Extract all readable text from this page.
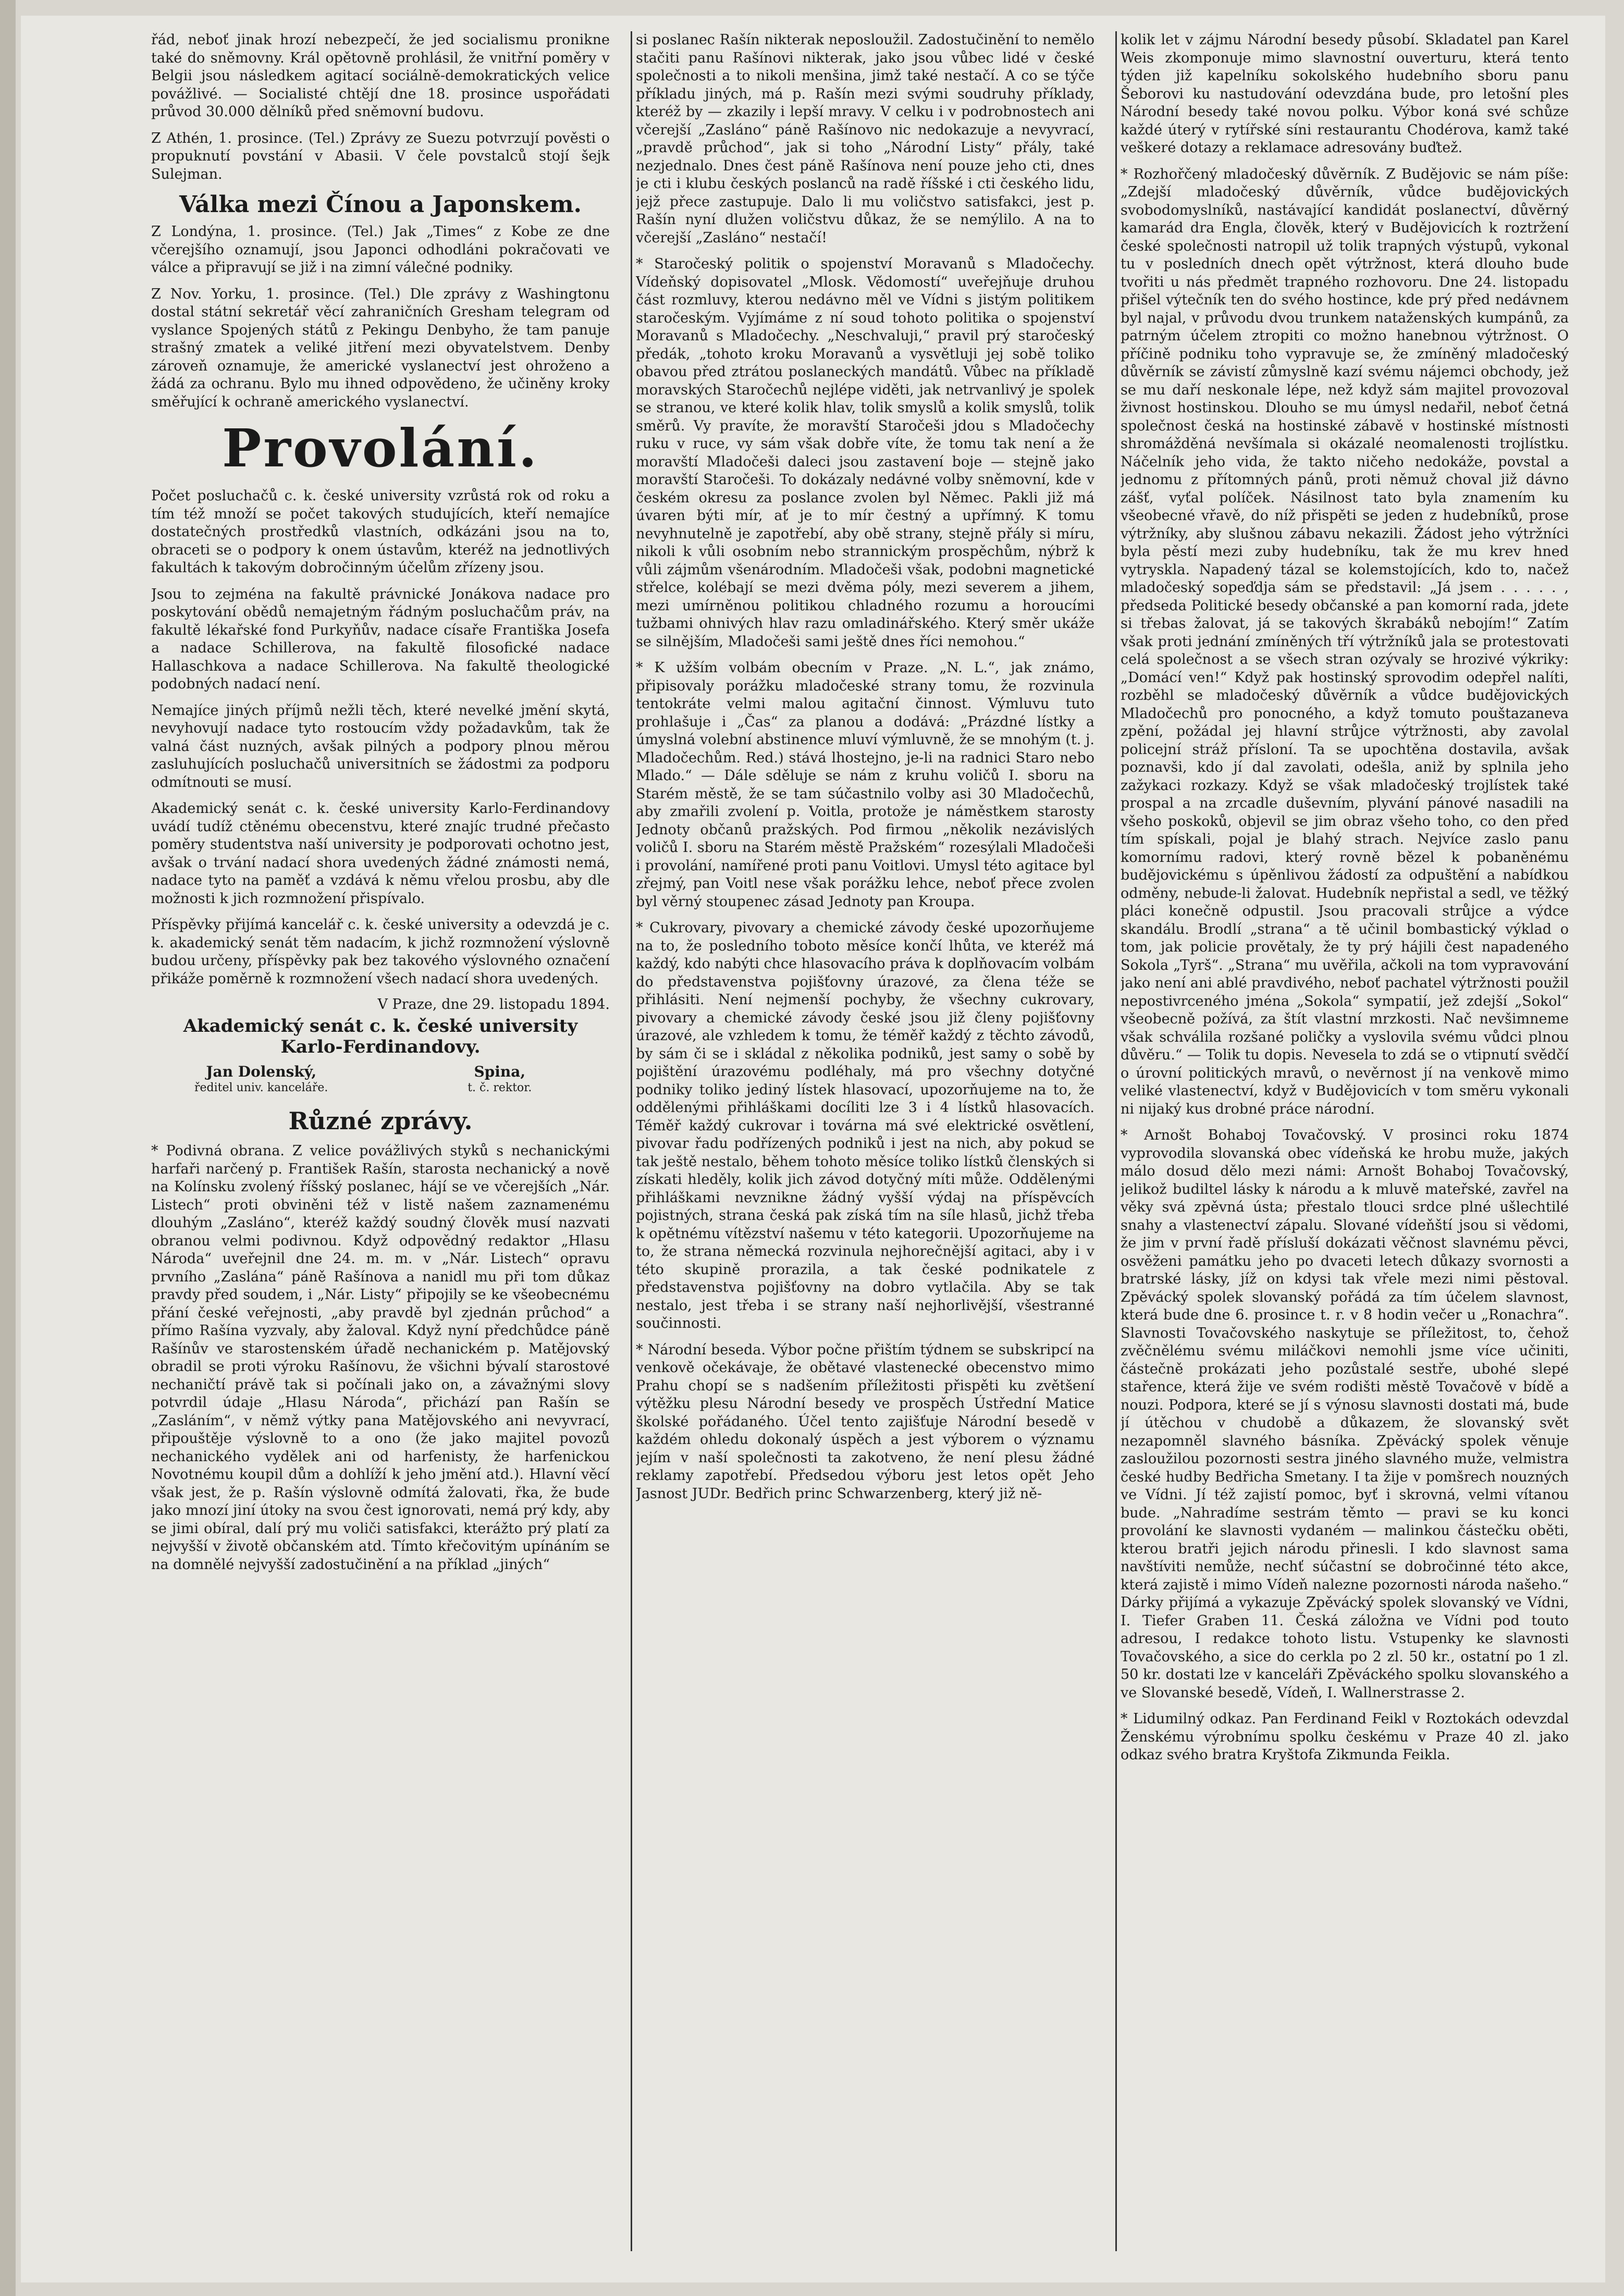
řád, neboť jinak hrozí nebezpečí, že jed socialismu pronikne také do sněmovny. Král opětovně prohlásil, že vnitřní poměry v Belgii jsou následkem agitací sociálně-demokratických velice povážlivé. — Socialisté chtějí dne 18. prosince uspořádati průvod 30.000 dělníků před sněmovní budovu.

Z Athén, 1. prosince. (Tel.) Zprávy ze Suezu potvrzují pověsti o propuknutí povstání v Abasii. V čele povstalců stojí šejk Sulejman.

Válka mezi Čínou a Japonskem.

Z Londýna, 1. prosince. (Tel.) Jak „Times“ z Kobe ze dne včerejšího oznamují, jsou Japonci odhodláni pokračovati ve válce a připravují se již i na zimní válečné podniky.

Z Nov. Yorku, 1. prosince. (Tel.) Dle zprávy z Washingtonu dostal státní sekretář věcí zahraničních Gresham telegram od vyslance Spojených států z Pekingu Denbyho, že tam panuje strašný zmatek a veliké jitření mezi obyvatelstvem. Denby zároveň oznamuje, že americké vyslanectví jest ohroženo a žádá za ochranu. Bylo mu ihned odpovědeno, že učiněny kroky směřující k ochraně amerického vyslanectví.

Provolání.

Počet posluchačů c. k. české university vzrůstá rok od roku a tím též množí se počet takových studujících, kteří nemajíce dostatečných prostředků vlastních, odkázáni jsou na to, obraceti se o podpory k onem ústavům, kteréž na jednotlivých fakultách k takovým dobročinným účelům zřízeny jsou.

Jsou to zejména na fakultě právnické Jonákova nadace pro poskytování obědů nemajetným řádným posluchačům práv, na fakultě lékařské fond Purkyňův, nadace císaře Františka Josefa a nadace Schillerova, na fakultě filosofické nadace Hallaschkova a nadace Schillerova. Na fakultě theologické podobných nadací není.

Nemajíce jiných příjmů nežli těch, které nevelké jmění skytá, nevyhovují nadace tyto rostoucím vždy požadavkům, tak že valná část nuzných, avšak pilných a podpory plnou měrou zasluhujících posluchačů universitních se žádostmi za podporu odmítnouti se musí.

Akademický senát c. k. české university Karlo-Ferdinandovy uvádí tudíž ctěnému obecenstvu, které znajíc trudné přečasto poměry studentstva naší university je podporovati ochotno jest, avšak o trvání nadací shora uvedených žádné známosti nemá, nadace tyto na paměť a vzdává k němu vřelou prosbu, aby dle možnosti k jich rozmnožení přispívalo.

Příspěvky přijímá kancelář c. k. české university a odevzdá je c. k. akademický senát těm nadacím, k jichž rozmnožení výslovně budou určeny, příspěvky pak bez takového výslovného označení přikáže poměrně k rozmnožení všech nadací shora uvedených.

V Praze, dne 29. listopadu 1894.
Akademický senát c. k. české university Karlo-Ferdinandovy.
Jan Dolenský,
ředitel univ. kanceláře.
Spina,
t. č. rektor.
Různé zprávy.

* Podivná obrana. Z velice povážlivých styků s nechanickými harfaři narčený p. František Rašín, starosta nechanický a nově na Kolínsku zvolený říšský poslanec, hájí se ve včerejších „Nár. Listech“ proti obviněni též v listě našem zaznamenému dlouhým „Zasláno“, kteréž každý soudný člověk musí nazvati obranou velmi podivnou. Když odpovědný redaktor „Hlasu Národa“ uveřejnil dne 24. m. m. v „Nár. Listech“ opravu prvního „Zaslána“ páně Rašínova a nanidl mu při tom důkaz pravdy před soudem, i „Nár. Listy“ připojily se ke všeobecnému přání české veřejnosti, „aby pravdě byl zjednán průchod“ a přímo Rašína vyzvaly, aby žaloval. Když nyní předchůdce páně Rašínův ve starostenském úřadě nechanickém p. Matějovský obradil se proti výroku Rašínovu, že všichni bývalí starostové nechaničtí právě tak si počínali jako on, a závažnými slovy potvrdil údaje „Hlasu Národa“, přichází pan Rašín se „Zasláním“, v němž výtky pana Matějovského ani nevyvrací, připouštěje výslovně to a ono (že jako majitel povozů nechanického vydělek ani od harfenisty, že harfenickou Novotnému koupil dům a dohlíží k jeho jmění atd.). Hlavní věcí však jest, že p. Rašín výslovně odmítá žalovati, řka, že bude jako mnozí jiní útoky na svou čest ignorovati, nemá prý kdy, aby se jimi obíral, dalí prý mu voliči satisfakci, kterážto prý platí za nejvyšší v životě občanském atd. Tímto křečovitým upínáním se na domnělé nejvyšší zadostučinění a na příklad „jiných“

si poslanec Rašín nikterak neposloužil. Zadostučinění to nemělo stačiti panu Rašínovi nikterak, jako jsou vůbec lidé v české společnosti a to nikoli menšina, jimž také nestačí. A co se týče příkladu jiných, má p. Rašín mezi svými soudruhy příklady, kteréž by — zkazily i lepší mravy. V celku i v podrobnostech ani včerejší „Zasláno“ páně Rašínovo nic nedokazuje a nevyvrací, „pravdě průchod“, jak si toho „Národní Listy“ přály, také nezjednalo. Dnes čest páně Rašínova není pouze jeho cti, dnes je cti i klubu českých poslanců na radě říšské i cti českého lidu, jejž přece zastupuje. Dalo li mu voličstvo satisfakci, jest p. Rašín nyní dlužen voličstvu důkaz, že se nemýlilo. A na to včerejší „Zasláno“ nestačí!

* Staročeský politik o spojenství Moravanů s Mladočechy. Vídeňský dopisovatel „Mlosk. Vědomostí“ uveřejňuje druhou část rozmluvy, kterou nedávno měl ve Vídni s jistým politikem staročeským. Vyjímáme z ní soud tohoto politika o spojenství Moravanů s Mladočechy. „Neschvaluji,“ pravil prý staročeský předák, „tohoto kroku Moravanů a vysvětluji jej sobě toliko obavou před ztrátou poslaneckých mandátů. Vůbec na příkladě moravských Staročechů nejlépe viděti, jak netrvanlivý je spolek se stranou, ve které kolik hlav, tolik smyslů a kolik smyslů, tolik směrů. Vy pravíte, že moravští Staročeši jdou s Mladočechy ruku v ruce, vy sám však dobře víte, že tomu tak není a že moravští Mladočeši daleci jsou zastavení boje — stejně jako moravští Staročeši. To dokázaly nedávné volby sněmovní, kde v českém okresu za poslance zvolen byl Němec. Pakli již má úvaren býti mír, ať je to mír čestný a upřímný. K tomu nevyhnutelně je zapotřebí, aby obě strany, stejně přály si míru, nikoli k vůli osobním nebo strannickým prospěchům, nýbrž k vůli zájmům všenárodním. Mladočeši však, podobni magnetické střelce, kolébají se mezi dvěma póly, mezi severem a jihem, mezi umírněnou politikou chladného rozumu a horoucími tužbami ohnivých hlav razu omladinářského. Který směr ukáže se silnějším, Mladočeši sami ještě dnes říci nemohou.“

* K užším volbám obecním v Praze. „N. L.“, jak známo, připisovaly porážku mladočeské strany tomu, že rozvinula tentokráte velmi malou agitační činnost. Výmluvu tuto prohlašuje i „Čas“ za planou a dodává: „Prázdné lístky a úmyslná volební abstinence mluví výmluvně, že se mnohým (t. j. Mladočechům. Red.) stává lhostejno, je-li na radnici Staro nebo Mlado.“ — Dále sděluje se nám z kruhu voličů I. sboru na Starém městě, že se tam súčastnilo volby asi 30 Mladočechů, aby zmařili zvolení p. Voitla, protože je náměstkem starosty Jednoty občanů pražských. Pod firmou „několik nezávislých voličů I. sboru na Starém městě Pražském“ rozesýlali Mladočeši i provolání, namířené proti panu Voitlovi. Umysl této agitace byl zřejmý, pan Voitl nese však porážku lehce, neboť přece zvolen byl věrný stoupenec zásad Jednoty pan Kroupa.

* Cukrovary, pivovary a chemické závody české upozorňujeme na to, že posledního toboto měsíce končí lhůta, ve kteréž má každý, kdo nabýti chce hlasovacího práva k doplňovacím volbám do představenstva pojišťovny úrazové, za člena téže se přihlásiti. Není nejmenší pochyby, že všechny cukrovary, pivovary a chemické závody české jsou již členy pojišťovny úrazové, ale vzhledem k tomu, že téměř každý z těchto závodů, by sám či se i skládal z několika podniků, jest samy o sobě by pojištění úrazovému podléhaly, má pro všechny dotyčné podniky toliko jediný lístek hlasovací, upozorňujeme na to, že oddělenými přihláškami docíliti lze 3 i 4 lístků hlasovacích. Téměř každý cukrovar i továrna má své elektrické osvětlení, pivovar řadu podřízených podniků i jest na nich, aby pokud se tak ještě nestalo, během tohoto měsíce toliko lístků členských si získati hleděly, kolik jich závod dotyčný míti může. Oddělenými přihláškami nevznikne žádný vyšší výdaj na příspěvcích pojistných, strana česká pak získá tím na síle hlasů, jichž třeba k opětnému vítězství našemu v této kategorii. Upozorňujeme na to, že strana německá rozvinula nejhorečnější agitaci, aby i v této skupině prorazila, a tak české podnikatele z představenstva pojišťovny na dobro vytlačila. Aby se tak nestalo, jest třeba i se strany naší nejhorlivější, všestranné součinnosti.

* Národní beseda. Výbor počne přištím týdnem se subskripcí na venkově očekávaje, že obětavé vlastenecké obecenstvo mimo Prahu chopí se s nadšením příležitosti přispěti ku zvětšení výtěžku plesu Národní besedy ve prospěch Ústřední Matice školské pořádaného. Účel tento zajišťuje Národní besedě v každém ohledu dokonalý úspěch a jest výborem o významu jejím v naší společnosti ta zakotveno, že není plesu žádné reklamy zapotřebí. Předsedou výboru jest letos opět Jeho Jasnost JUDr. Bedřich princ Schwarzenberg, který již ně-

kolik let v zájmu Národní besedy působí. Skladatel pan Karel Weis zkomponuje mimo slavnostní ouverturu, která tento týden již kapelníku sokolského hudebního sboru panu Šeborovi ku nastudování odevzdána bude, pro letošní ples Národní besedy také novou polku. Výbor koná své schůze každé úterý v rytířské síni restaurantu Chodérova, kamž také veškeré dotazy a reklamace adresovány buďtež.

* Rozhořčený mladočeský důvěrník. Z Budějovic se nám píše: „Zdejší mladočeský důvěrník, vůdce budějovických svobodomyslníků, nastávající kandidát poslanectví, důvěrný kamarád dra Engla, člověk, který v Budějovicích k roztržení české společnosti natropil už tolik trapných výstupů, vykonal tu v posledních dnech opět výtržnost, která dlouho bude tvořiti u nás předmět trapného rozhovoru. Dne 24. listopadu přišel výtečník ten do svého hostince, kde prý před nedávnem byl najal, v průvodu dvou trunkem nataženských kumpánů, za patrným účelem ztropiti co možno hanebnou výtržnost. O příčině podniku toho vypravuje se, že zmíněný mladočeský důvěrník se závistí zůmyslně kazí svému nájemci obchody, jež se mu daří neskonale lépe, než když sám majitel provozoval živnost hostinskou. Dlouho se mu úmysl nedařil, neboť četná společnost česká na hostinské zábavě v hostinské místnosti shromážděná nevšímala si okázalé neomalenosti trojlístku. Náčelník jeho vida, že takto ničeho nedokáže, povstal a jednomu z přítomných pánů, proti němuž choval již dávno zášť, vyťal políček. Násilnost tato byla znamením ku všeobecné vřavě, do níž přispěti se jeden z hudebníků, prose výtržníky, aby slušnou zábavu nekazili. Žádost jeho výtržníci byla pěstí mezi zuby hudebníku, tak že mu krev hned vytryskla. Napadený tázal se kolemstojících, kdo to, načež mladočeský sopeďdja sám se představil: „Já jsem . . . . . , předseda Politické besedy občanské a pan komorní rada, jdete si třebas žalovat, já se takových škrabáků nebojím!“ Zatím však proti jednání zmíněných tří výtržníků jala se protestovati celá společnost a se všech stran ozývaly se hrozivé výkriky: „Domácí ven!“ Když pak hostinský sprovodim odepřel nalíti, rozběhl se mladočeský důvěrník a vůdce budějovických Mladočechů pro ponocného, a když tomuto pouštazaneva zpění, požádal jej hlavní strůjce výtržnosti, aby zavolal policejní stráž přísloní. Ta se upochtěna dostavila, avšak poznavši, kdo jí dal zavolati, odešla, aniž by splnila jeho zažykaci rozkazy. Když se však mladočeský trojlístek také prospal a na zrcadle duševním, plyvání pánové nasadili na všeho poskoků, objevil se jim obraz všeho toho, co den před tím spískali, pojal je blahý strach. Nejvíce zaslo panu komornímu radovi, který rovně bězel k pobaněnému budějovickému s úpěnlivou žádostí za odpuštění a nabídkou odměny, nebude-li žalovat. Hudebník nepřistal a sedl, ve těžký pláci konečně odpustil. Jsou pracovali strůjce a výdce skandálu. Brodlí „strana“ a tě učinil bombastický výklad o tom, jak policie provětaly, že ty prý hájili čest napadeného Sokola „Tyrš“. „Strana“ mu uvěřila, ačkoli na tom vypravování jako není ani ablé pravdivého, neboť pachatel výtržnosti použil nepostivrceného jména „Sokola“ sympatií, jež zdejší „Sokol“ všeobecně požívá, za štít vlastní mrzkosti. Nač nevšimneme však schválila rozšané poličky a vyslovila svému vůdci plnou důvěru.“ — Tolik tu dopis. Nevesela to zdá se o vtipnutí svědčí o úrovní politických mravů, o nevěrnost jí na venkově mimo veliké vlastenectví, když v Budějovicích v tom směru vykonali ni nijaký kus drobné práce národní.

* Arnošt Bohaboj Tovačovský. V prosinci roku 1874 vyprovodila slovanská obec vídeňská ke hrobu muže, jakých málo dosud dělo mezi námi: Arnošt Bohaboj Tovačovský, jelikož budiltel lásky k národu a k mluvě mateřské, zavřel na věky svá zpěvná ústa; přestalo tlouci srdce plné ušlechtilé snahy a vlastenectví zápalu. Slované vídeňští jsou si vědomi, že jim v první řadě přísluší dokázati věčnost slavnému pěvci, osvěženi památku jeho po dvaceti letech důkazy svornosti a bratrské lásky, jíž on kdysi tak vřele mezi nimi pěstoval. Zpěvácký spolek slovanský pořádá za tím účelem slavnost, která bude dne 6. prosince t. r. v 8 hodin večer u „Ronachra“. Slavnosti Tovačovského naskytuje se příležitost, to, čehož zvěčnělému svému miláčkovi nemohli jsme více učiniti, částečně prokázati jeho pozůstalé sestře, ubohé slepé stařence, která žije ve svém rodišti městě Tovačově v bídě a nouzi. Podpora, které se jí s výnosu slavnosti dostati má, bude jí útěchou v chudobě a důkazem, že slovanský svět nezapomněl slavného básníka. Zpěvácký spolek věnuje zasloužilou pozornosti sestra jiného slavného muže, velmistra české hudby Bedřicha Smetany. I ta žije v pomšrech nouzných ve Vídni. Jí též zajistí pomoc, byť i skrovná, velmi vítanou bude. „Nahradíme sestrám těmto — pravi se ku konci provolání ke slavnosti vydaném — malinkou částečku oběti, kterou bratři jejich národu přinesli. I kdo slavnost sama navštíviti nemůže, nechť súčastní se dobročinné této akce, která zajistě i mimo Vídeň nalezne pozornosti národa našeho.“ Dárky přijímá a vykazuje Zpěvácký spolek slovanský ve Vídni, I. Tiefer Graben 11. Česká záložna ve Vídni pod touto adresou, I redakce tohoto listu. Vstupenky ke slavnosti Tovačovského, a sice do cerkla po 2 zl. 50 kr., ostatní po 1 zl. 50 kr. dostati lze v kanceláři Zpěváckého spolku slovanského a ve Slovanské besedě, Vídeň, I. Wallnerstrasse 2.

* Lidumilný odkaz. Pan Ferdinand Feikl v Roztokách odevzdal Ženskému výrobnímu spolku českému v Praze 40 zl. jako odkaz svého bratra Kryštofa Zikmunda Feikla.
